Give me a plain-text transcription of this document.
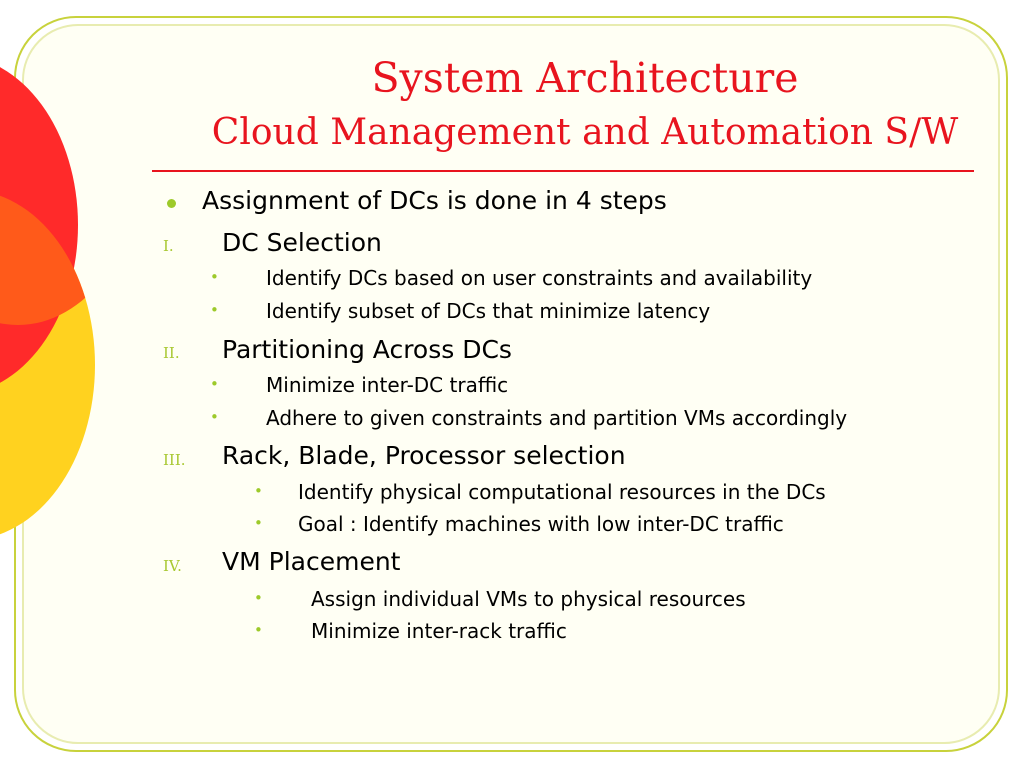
System Architecture
Cloud Management and Automation S/W
Assignment of DCs is done in 4 steps
I. DC Selection
• Identify DCs based on user constraints and availability
• Identify subset of DCs that minimize latency
II. Partitioning Across DCs
• Minimize inter-DC traffic
• Adhere to given constraints and partition VMs accordingly
III. Rack, Blade, Processor selection
• Identify physical computational resources in the DCs
• Goal : Identify machines with low inter-DC traffic
IV. VM Placement
• Assign individual VMs to physical resources
• Minimize inter-rack traffic
